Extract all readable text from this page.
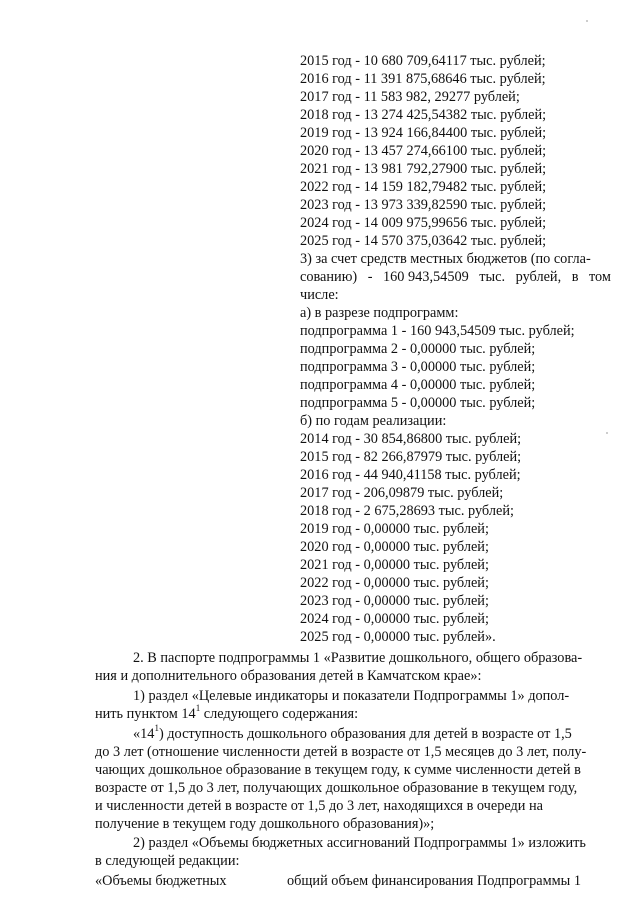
2015 год - 10 680 709,64117 тыс. рублей;
2016 год - 11 391 875,68646 тыс. рублей;
2017 год - 11 583 982, 29277 рублей;
2018 год - 13 274 425,54382 тыс. рублей;
2019 год - 13 924 166,84400 тыс. рублей;
2020 год - 13 457 274,66100 тыс. рублей;
2021 год - 13 981 792,27900 тыс. рублей;
2022 год - 14 159 182,79482 тыс. рублей;
2023 год - 13 973 339,82590 тыс. рублей;
2024 год - 14 009 975,99656 тыс. рублей;
2025 год - 14 570 375,03642 тыс. рублей;
3) за счет средств местных бюджетов (по согла-
сованию) - 160 943,54509 тыс. рублей, в том
числе:
а) в разрезе подпрограмм:
подпрограмма 1 - 160 943,54509 тыс. рублей;
подпрограмма 2 - 0,00000 тыс. рублей;
подпрограмма 3 - 0,00000 тыс. рублей;
подпрограмма 4 - 0,00000 тыс. рублей;
подпрограмма 5 - 0,00000 тыс. рублей;
б) по годам реализации:
2014 год - 30 854,86800 тыс. рублей;
2015 год - 82 266,87979 тыс. рублей;
2016 год - 44 940,41158 тыс. рублей;
2017 год - 206,09879 тыс. рублей;
2018 год - 2 675,28693 тыс. рублей;
2019 год - 0,00000 тыс. рублей;
2020 год - 0,00000 тыс. рублей;
2021 год - 0,00000 тыс. рублей;
2022 год - 0,00000 тыс. рублей;
2023 год - 0,00000 тыс. рублей;
2024 год - 0,00000 тыс. рублей;
2025 год - 0,00000 тыс. рублей».
2. В паспорте подпрограммы 1 «Развитие дошкольного, общего образова-
ния и дополнительного образования детей в Камчатском крае»:
1) раздел «Целевые индикаторы и показатели Подпрограммы 1» допол-
нить пунктом $14^1$ следующего содержания:
«$14^1$) доступность дошкольного образования для детей в возрасте от 1,5
до 3 лет (отношение численности детей в возрасте от 1,5 месяцев до 3 лет, полу-
чающих дошкольное образование в текущем году, к сумме численности детей в
возрасте от 1,5 до 3 лет, получающих дошкольное образование в текущем году,
и численности детей в возрасте от 1,5 до 3 лет, находящихся в очереди на
получение в текущем году дошкольного образования)»;
2) раздел «Объемы бюджетных ассигнований Подпрограммы 1» изложить
в следующей редакции:
«Объемы бюджетных	общий объем финансирования Подпрограммы 1
